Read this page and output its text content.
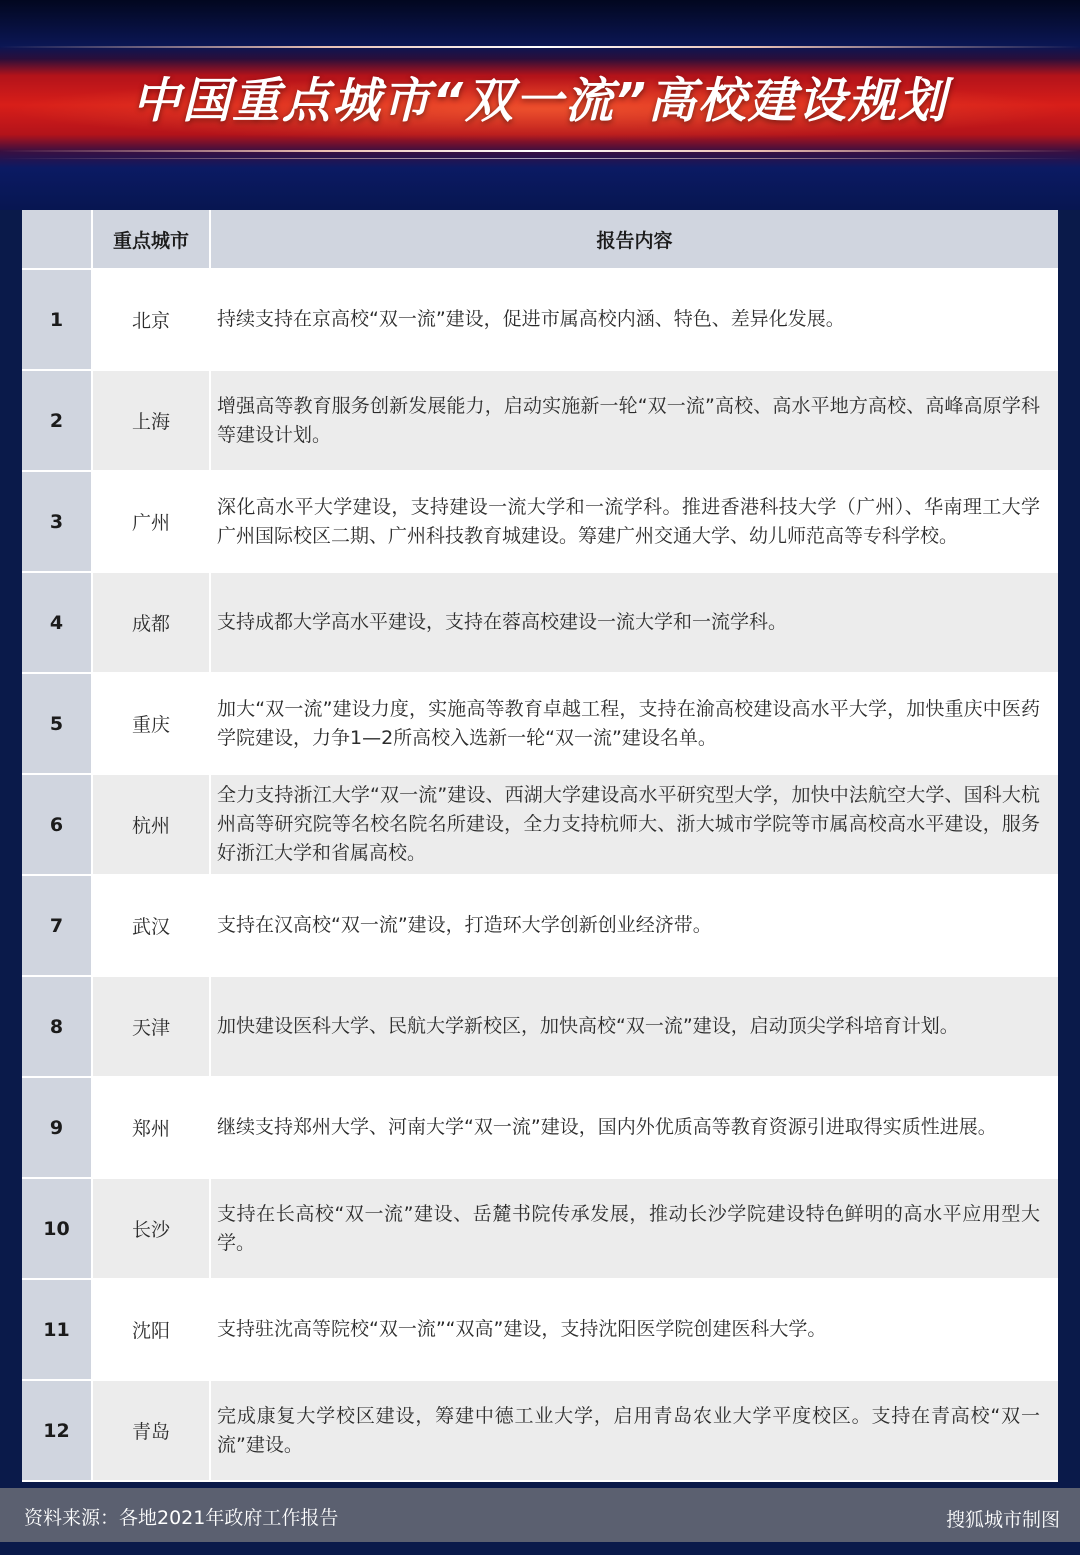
中国重点城市“双一流”高校建设规划
	重点城市	报告内容
1	北京	持续支持在京高校“双一流”建设，促进市属高校内涵、特色、差异化发展。
2	上海	增强高等教育服务创新发展能力，启动实施新一轮“双一流”高校、高水平地方高校、高峰高原学科等建设计划。
3	广州	深化高水平大学建设，支持建设一流大学和一流学科。推进香港科技大学（广州）、华南理工大学广州国际校区二期、广州科技教育城建设。筹建广州交通大学、幼儿师范高等专科学校。
4	成都	支持成都大学高水平建设，支持在蓉高校建设一流大学和一流学科。
5	重庆	加大“双一流”建设力度，实施高等教育卓越工程，支持在渝高校建设高水平大学，加快重庆中医药学院建设，力争1—2所高校入选新一轮“双一流”建设名单。
6	杭州	全力支持浙江大学“双一流”建设、西湖大学建设高水平研究型大学，加快中法航空大学、国科大杭州高等研究院等名校名院名所建设，全力支持杭师大、浙大城市学院等市属高校高水平建设，服务好浙江大学和省属高校。
7	武汉	支持在汉高校“双一流”建设，打造环大学创新创业经济带。
8	天津	加快建设医科大学、民航大学新校区，加快高校“双一流”建设，启动顶尖学科培育计划。
9	郑州	继续支持郑州大学、河南大学“双一流”建设，国内外优质高等教育资源引进取得实质性进展。
10	长沙	支持在长高校“双一流”建设、岳麓书院传承发展，推动长沙学院建设特色鲜明的高水平应用型大学。
11	沈阳	支持驻沈高等院校“双一流”“双高”建设，支持沈阳医学院创建医科大学。
12	青岛	完成康复大学校区建设，筹建中德工业大学，启用青岛农业大学平度校区。支持在青高校“双一流”建设。
资料来源：各地2021年政府工作报告	搜狐城市制图
